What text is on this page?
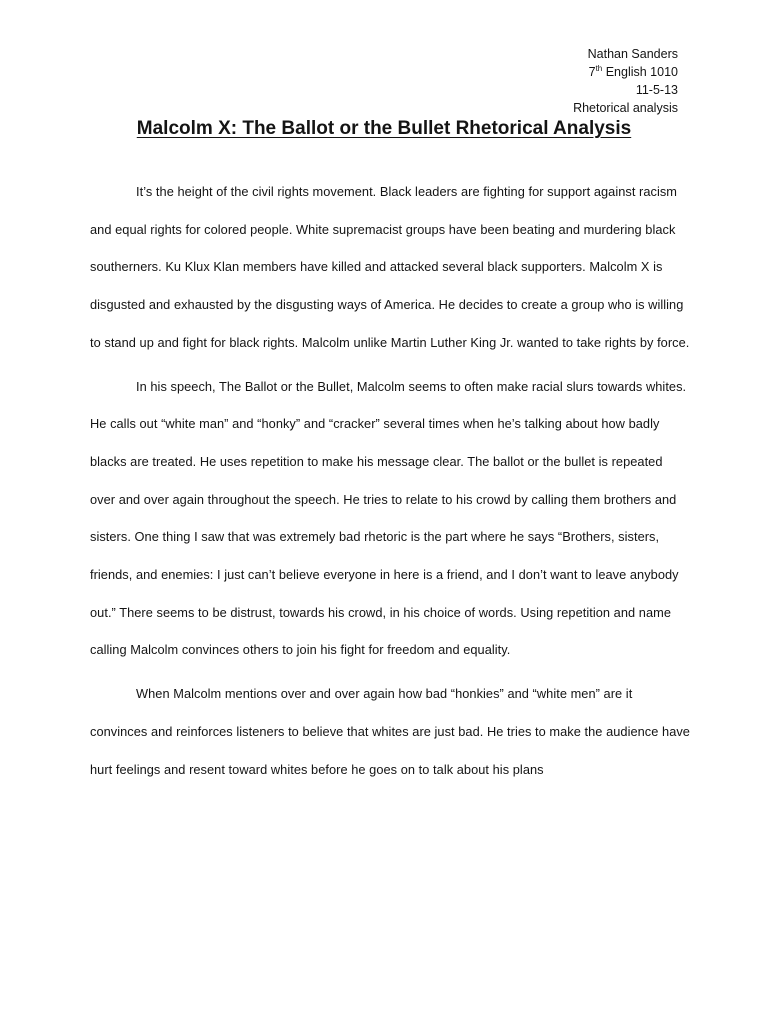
Nathan Sanders
7th English 1010
11-5-13
Rhetorical analysis
Malcolm X: The Ballot or the Bullet Rhetorical Analysis

It’s the height of the civil rights movement. Black leaders are fighting for support against racism and equal rights for colored people. White supremacist groups have been beating and murdering black southerners. Ku Klux Klan members have killed and attacked several black supporters. Malcolm X is disgusted and exhausted by the disgusting ways of America. He decides to create a group who is willing to stand up and fight for black rights. Malcolm unlike Martin Luther King Jr. wanted to take rights by force.

In his speech, The Ballot or the Bullet, Malcolm seems to often make racial slurs towards whites. He calls out “white man” and “honky” and “cracker” several times when he’s talking about how badly blacks are treated. He uses repetition to make his message clear. The ballot or the bullet is repeated over and over again throughout the speech. He tries to relate to his crowd by calling them brothers and sisters. One thing I saw that was extremely bad rhetoric is the part where he says “Brothers, sisters, friends, and enemies: I just can’t believe everyone in here is a friend, and I don’t want to leave anybody out.” There seems to be distrust, towards his crowd, in his choice of words. Using repetition and name calling Malcolm convinces others to join his fight for freedom and equality.

When Malcolm mentions over and over again how bad “honkies” and “white men” are it convinces and reinforces listeners to believe that whites are just bad. He tries to make the audience have hurt feelings and resent toward whites before he goes on to talk about his plans
